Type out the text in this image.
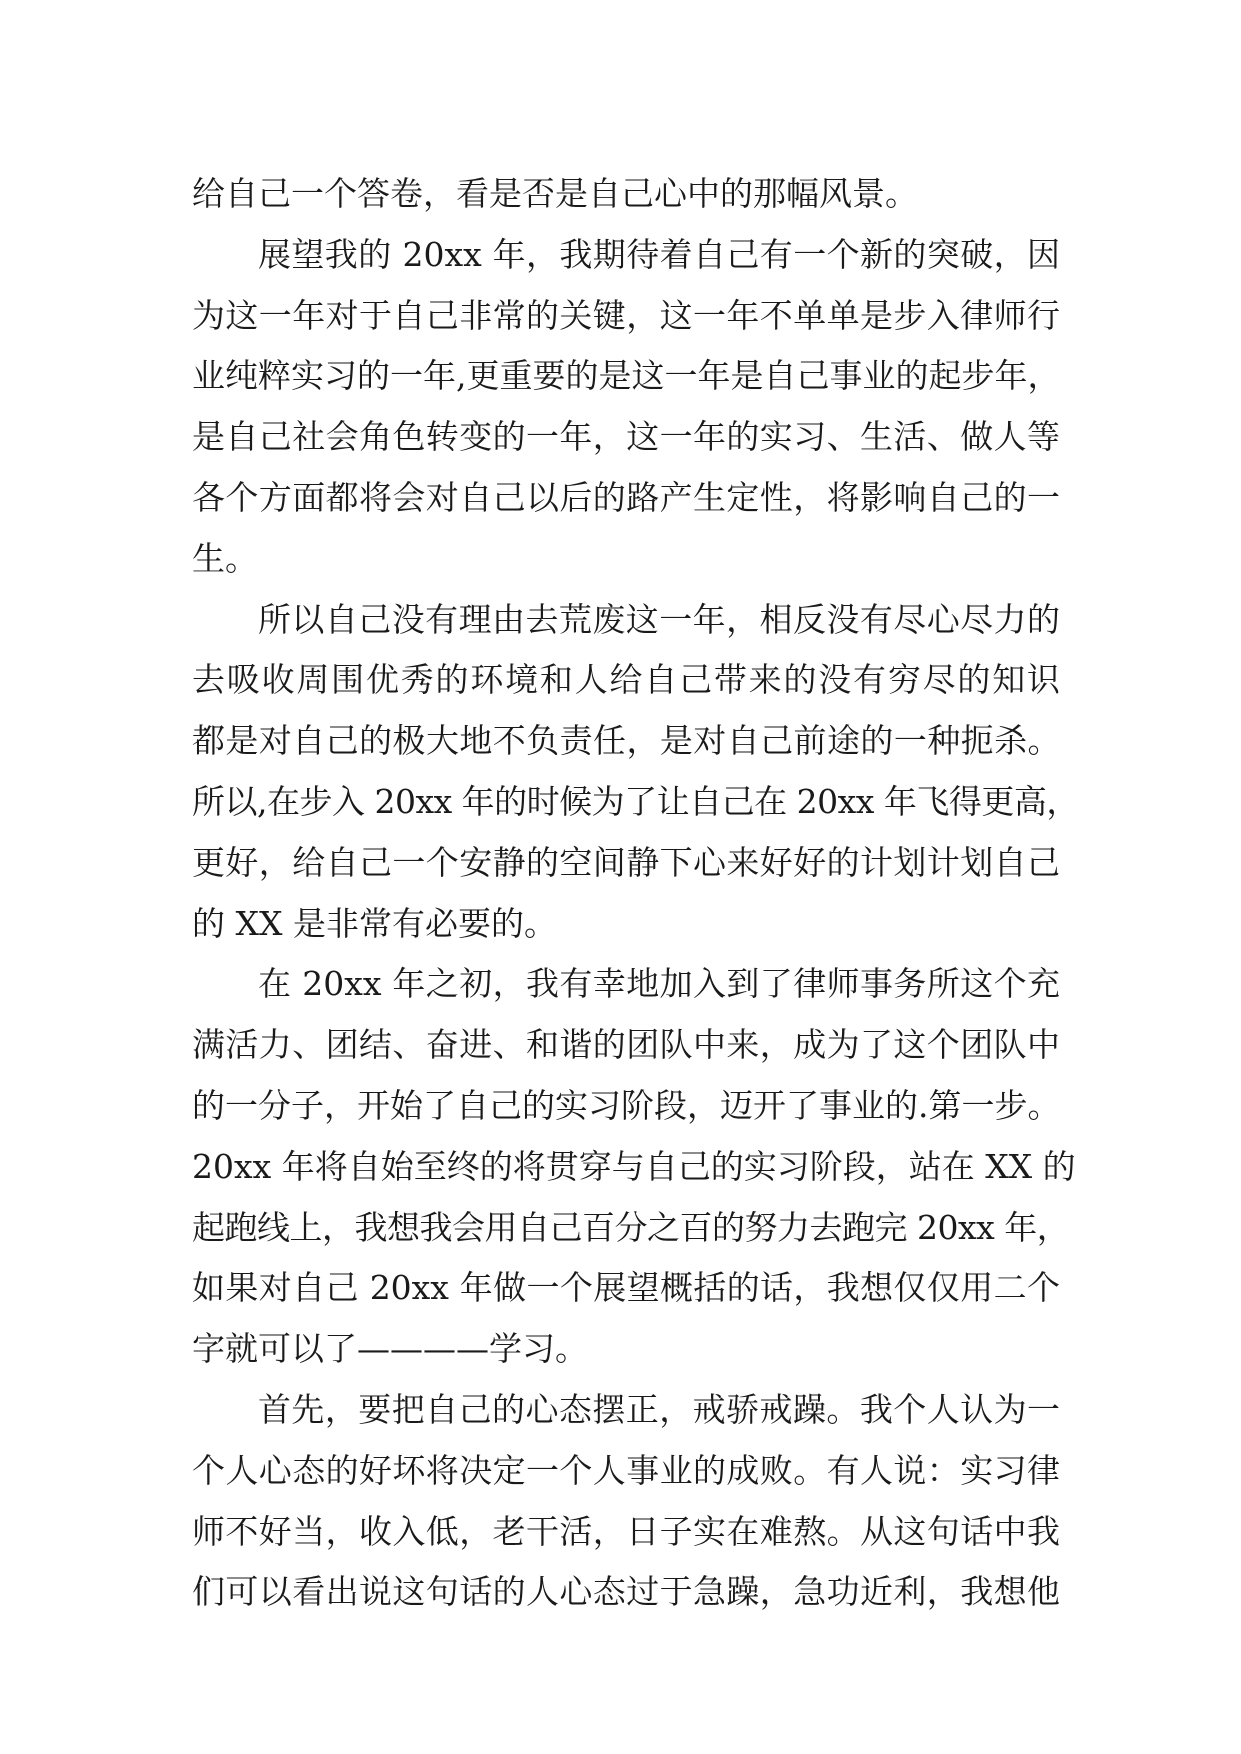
给自己一个答卷，看是否是自己心中的那幅风景。
展望我的 20xx 年，我期待着自己有一个新的突破，因
为这一年对于自己非常的关键，这一年不单单是步入律师行
业纯粹实习的一年,更重要的是这一年是自己事业的起步年，
是自己社会角色转变的一年，这一年的实习、生活、做人等
各个方面都将会对自己以后的路产生定性，将影响自己的一
生。
所以自己没有理由去荒废这一年，相反没有尽心尽力的
去吸收周围优秀的环境和人给自己带来的没有穷尽的知识
都是对自己的极大地不负责任，是对自己前途的一种扼杀。
所以,在步入 20xx 年的时候为了让自己在 20xx 年飞得更高，
更好，给自己一个安静的空间静下心来好好的计划计划自己
的 XX 是非常有必要的。
在 20xx 年之初，我有幸地加入到了律师事务所这个充
满活力、团结、奋进、和谐的团队中来，成为了这个团队中
的一分子，开始了自己的实习阶段，迈开了事业的.第一步。
20xx 年将自始至终的将贯穿与自己的实习阶段，站在 XX 的
起跑线上，我想我会用自己百分之百的努力去跑完 20xx 年，
如果对自己 20xx 年做一个展望概括的话，我想仅仅用二个
字就可以了————学习。
首先，要把自己的心态摆正，戒骄戒躁。我个人认为一
个人心态的好坏将决定一个人事业的成败。有人说：实习律
师不好当，收入低，老干活，日子实在难熬。从这句话中我
们可以看出说这句话的人心态过于急躁，急功近利，我想他
